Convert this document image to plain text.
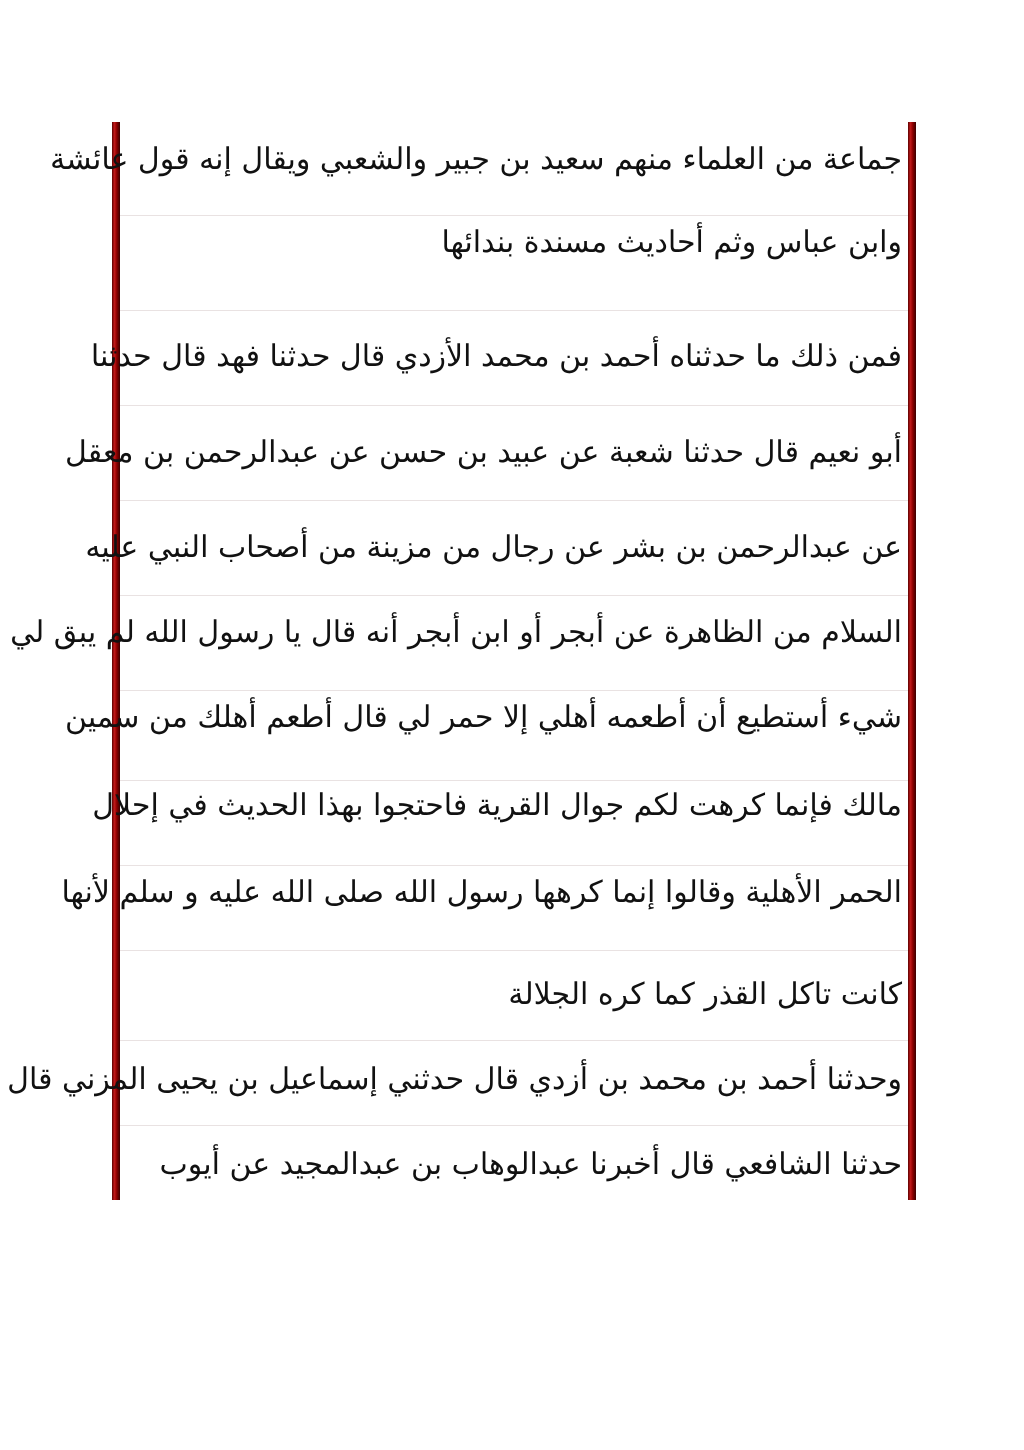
جماعة من العلماء منهم سعيد بن جبير والشعبي ويقال إنه قول عائشة
وابن عباس وثم أحاديث مسندة بندائها
فمن ذلك ما حدثناه أحمد بن محمد الأزدي قال حدثنا فهد قال حدثنا
أبو نعيم قال حدثنا شعبة عن عبيد بن حسن عن عبدالرحمن بن معقل
عن عبدالرحمن بن بشر عن رجال من مزينة من أصحاب النبي عليه
السلام من الظاهرة عن أبجر أو ابن أبجر أنه قال يا رسول الله لم يبق لي
شيء أستطيع أن أطعمه أهلي إلا حمر لي قال أطعم أهلك من سمين
مالك فإنما كرهت لكم جوال القرية فاحتجوا بهذا الحديث في إحلال
الحمر الأهلية وقالوا إنما كرهها رسول الله صلى الله عليه و سلم لأنها
كانت تاكل القذر كما كره الجلالة
وحدثنا أحمد بن محمد بن أزدي قال حدثني إسماعيل بن يحيى المزني قال
حدثنا الشافعي قال أخبرنا عبدالوهاب بن عبدالمجيد عن أيوب
